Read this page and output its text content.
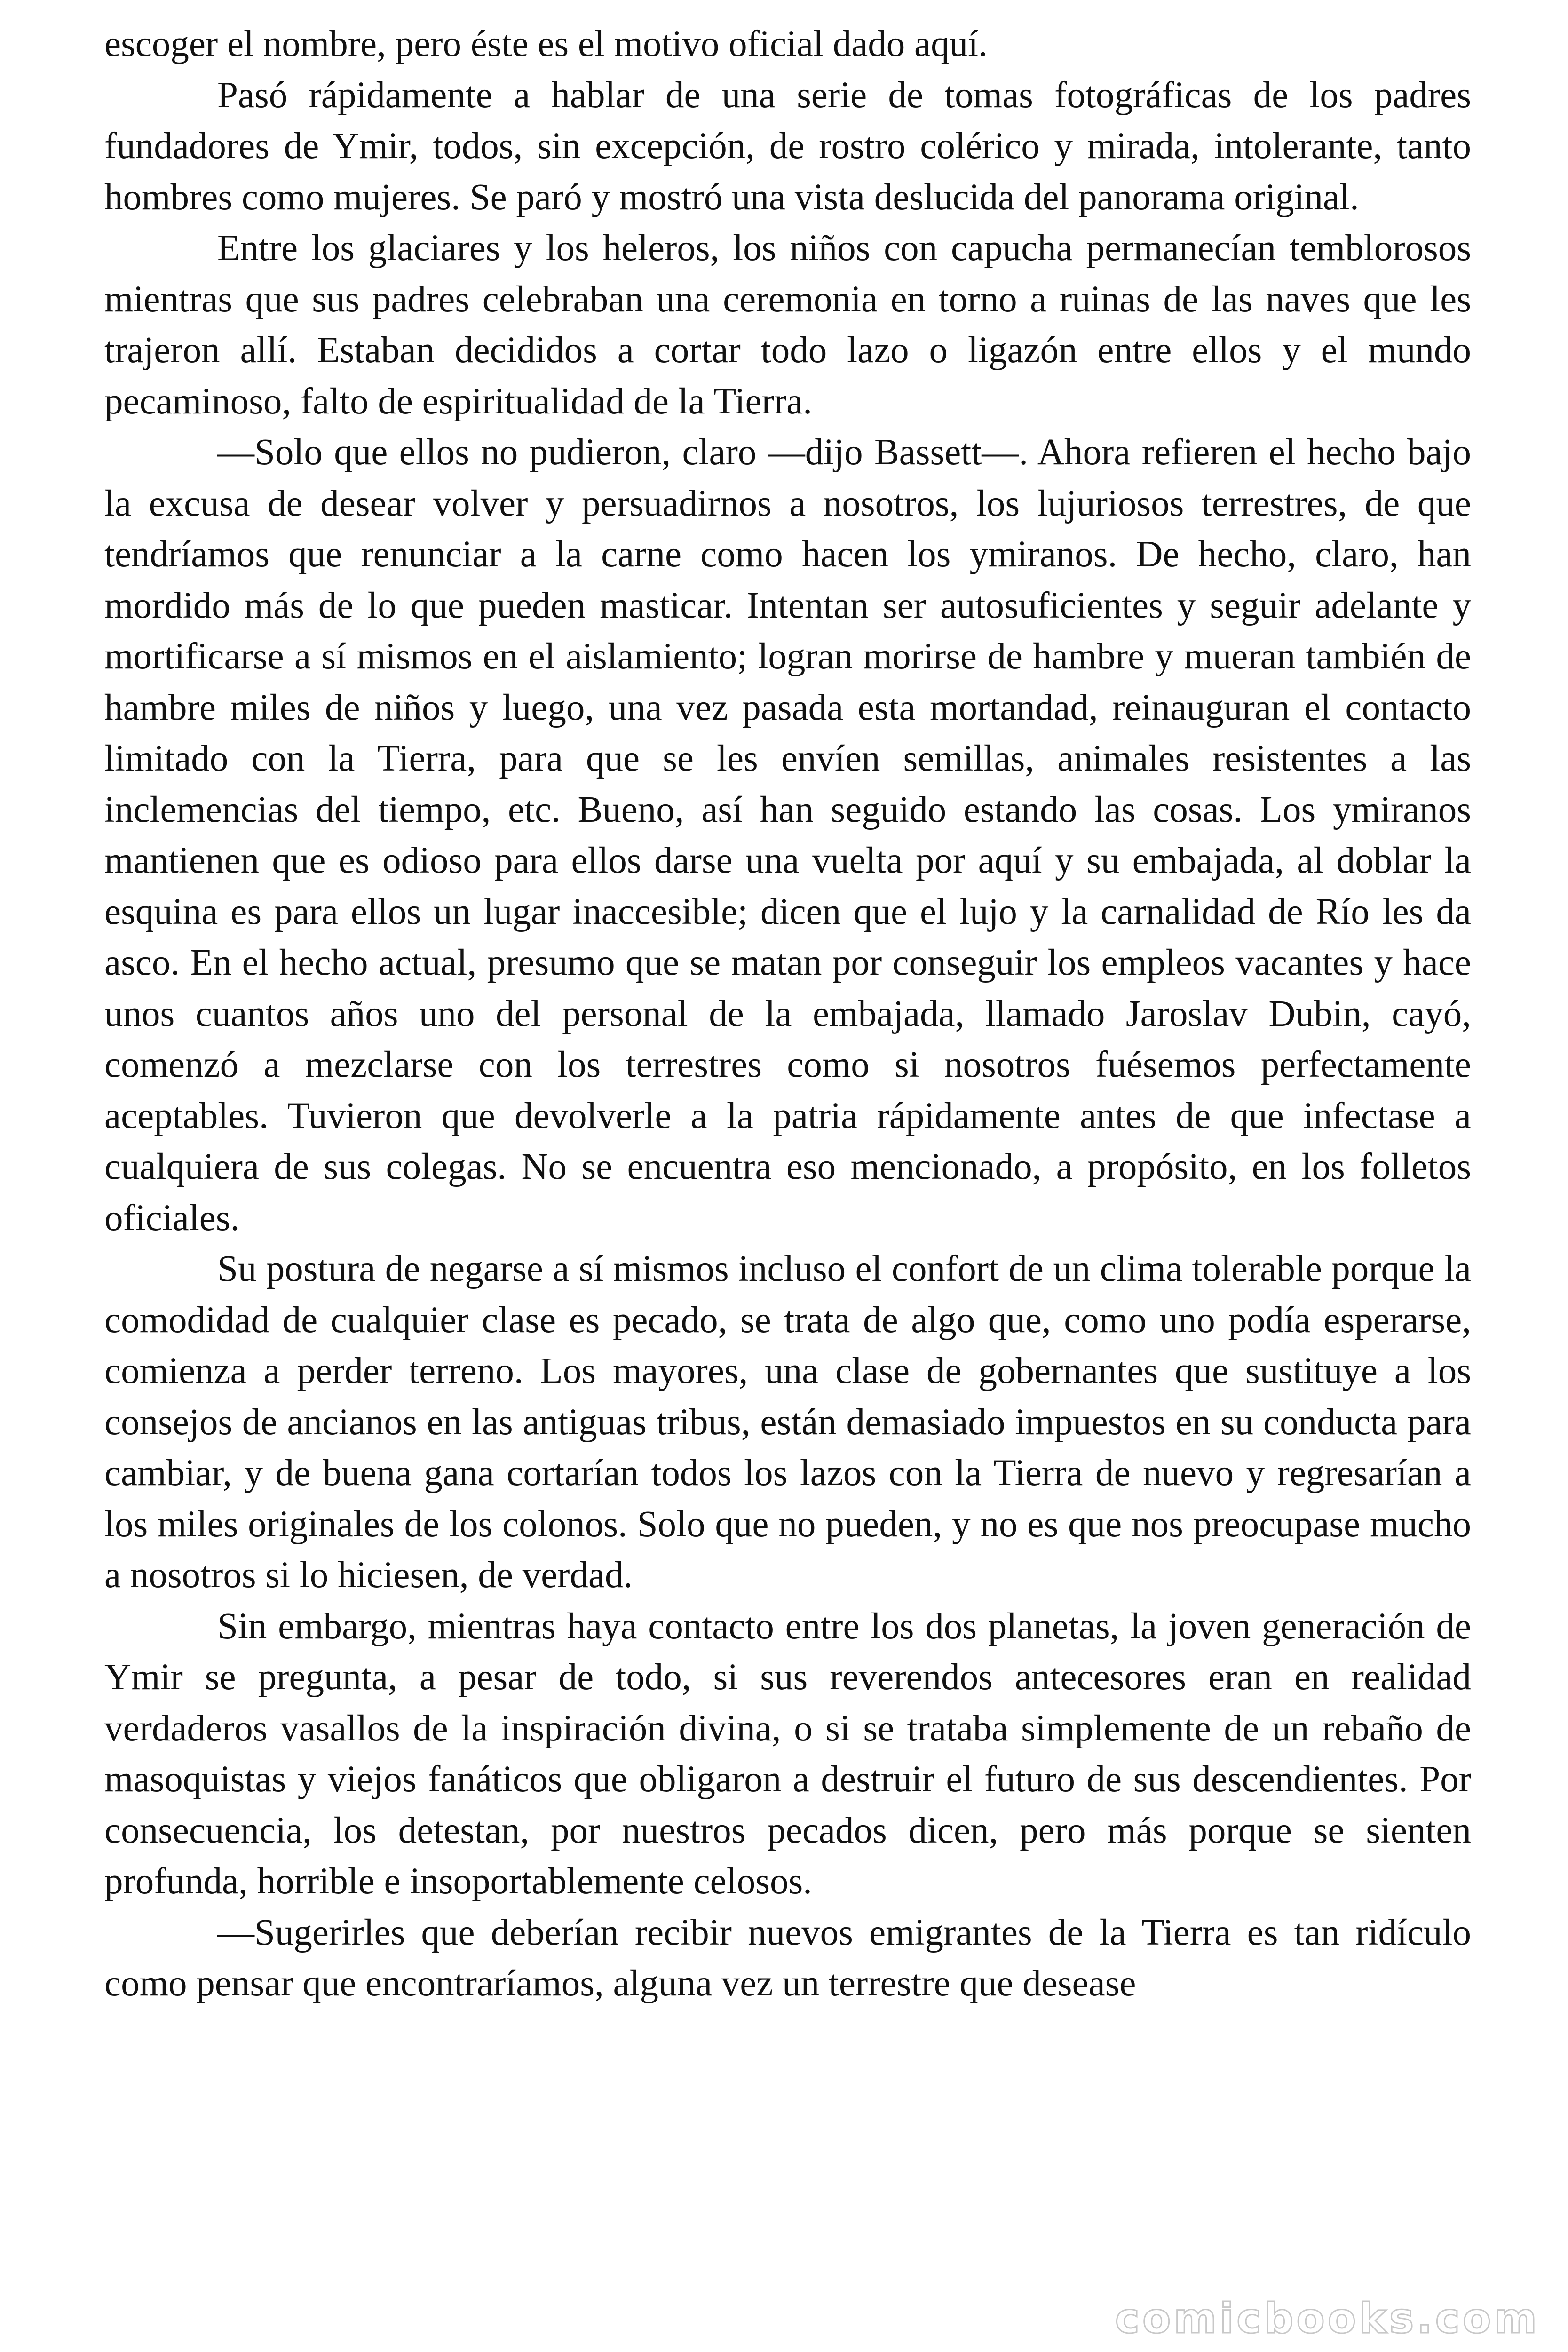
escoger el nombre, pero éste es el motivo oficial dado aquí.

Pasó rápidamente a hablar de una serie de tomas fotográficas de los padres fundadores de Ymir, todos, sin excepción, de rostro colérico y mirada, intolerante, tanto hombres como mujeres. Se paró y mostró una vista deslucida del panorama original.

Entre los glaciares y los heleros, los niños con capucha permanecían temblorosos mientras que sus padres celebraban una ceremonia en torno a ruinas de las naves que les trajeron allí. Estaban decididos a cortar todo lazo o ligazón entre ellos y el mundo pecaminoso, falto de espiritualidad de la Tierra.

—Solo que ellos no pudieron, claro —dijo Bassett—. Ahora refieren el hecho bajo la excusa de desear volver y persuadirnos a nosotros, los lujuriosos terrestres, de que tendríamos que renunciar a la carne como hacen los ymiranos. De hecho, claro, han mordido más de lo que pueden masticar. Intentan ser autosuficientes y seguir adelante y mortificarse a sí mismos en el aislamiento; logran morirse de hambre y mueran también de hambre miles de niños y luego, una vez pasada esta mortandad, reinauguran el contacto limitado con la Tierra, para que se les envíen semillas, animales resistentes a las inclemencias del tiempo, etc. Bueno, así han seguido estando las cosas. Los ymiranos mantienen que es odioso para ellos darse una vuelta por aquí y su embajada, al doblar la esquina es para ellos un lugar inaccesible; dicen que el lujo y la carnalidad de Río les da asco. En el hecho actual, presumo que se matan por conseguir los empleos vacantes y hace unos cuantos años uno del personal de la embajada, llamado Jaroslav Dubin, cayó, comenzó a mezclarse con los terrestres como si nosotros fuésemos perfectamente aceptables. Tuvieron que devolverle a la patria rápidamente antes de que infectase a cualquiera de sus colegas. No se encuentra eso mencionado, a propósito, en los folletos oficiales.

Su postura de negarse a sí mismos incluso el confort de un clima tolerable porque la comodidad de cualquier clase es pecado, se trata de algo que, como uno podía esperarse, comienza a perder terreno. Los mayores, una clase de gobernantes que sustituye a los consejos de ancianos en las antiguas tribus, están demasiado impuestos en su conducta para cambiar, y de buena gana cortarían todos los lazos con la Tierra de nuevo y regresarían a los miles originales de los colonos. Solo que no pueden, y no es que nos preocupase mucho a nosotros si lo hiciesen, de verdad.

Sin embargo, mientras haya contacto entre los dos planetas, la joven generación de Ymir se pregunta, a pesar de todo, si sus reverendos antecesores eran en realidad verdaderos vasallos de la inspiración divina, o si se trataba simplemente de un rebaño de masoquistas y viejos fanáticos que obligaron a destruir el futuro de sus descendientes. Por consecuencia, los detestan, por nuestros pecados dicen, pero más porque se sienten profunda, horrible e insoportablemente celosos.

—Sugerirles que deberían recibir nuevos emigrantes de la Tierra es tan ridículo como pensar que encontraríamos, alguna vez un terrestre que desease

comicbooks.com
